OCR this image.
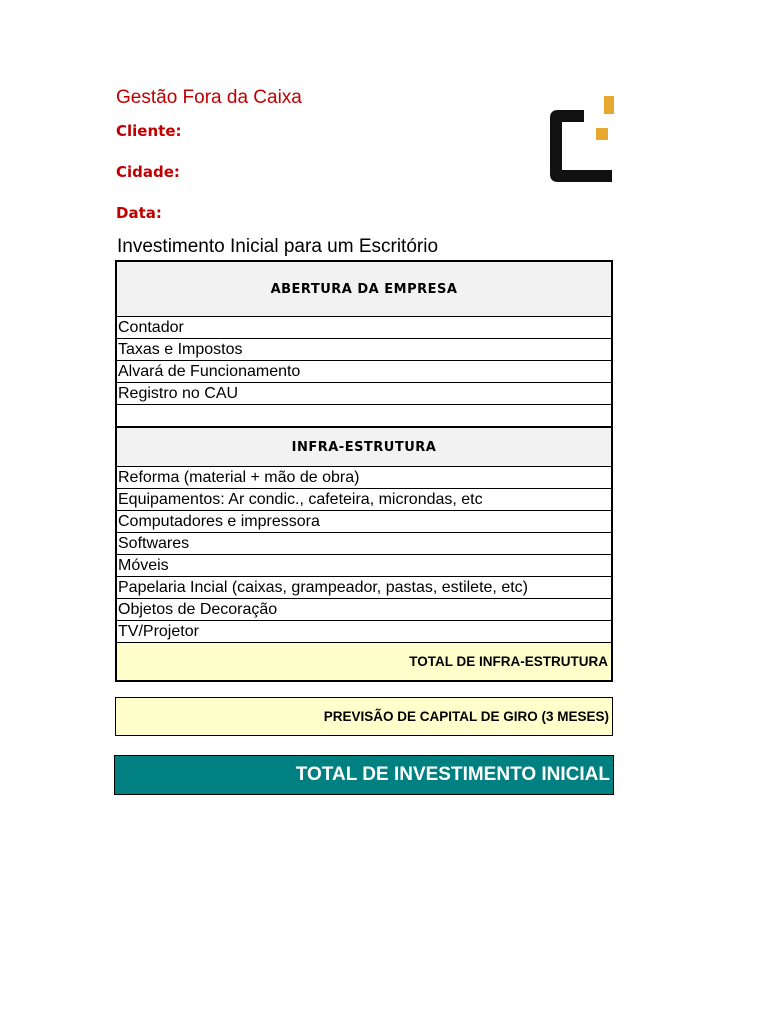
Gestão Fora da Caixa
Cliente:
Cidade:
Data:
Investimento Inicial para um Escritório
ABERTURA DA EMPRESA
Contador
Taxas e Impostos
Alvará de Funcionamento
Registro no CAU
INFRA-ESTRUTURA
Reforma (material + mão de obra)
Equipamentos: Ar condic., cafeteira, microndas, etc
Computadores e impressora
Softwares
Móveis
Papelaria Incial (caixas, grampeador, pastas, estilete, etc)
Objetos de Decoração
TV/Projetor
TOTAL DE INFRA-ESTRUTURA
PREVISÃO DE CAPITAL DE GIRO (3 MESES)
TOTAL DE INVESTIMENTO INICIAL
